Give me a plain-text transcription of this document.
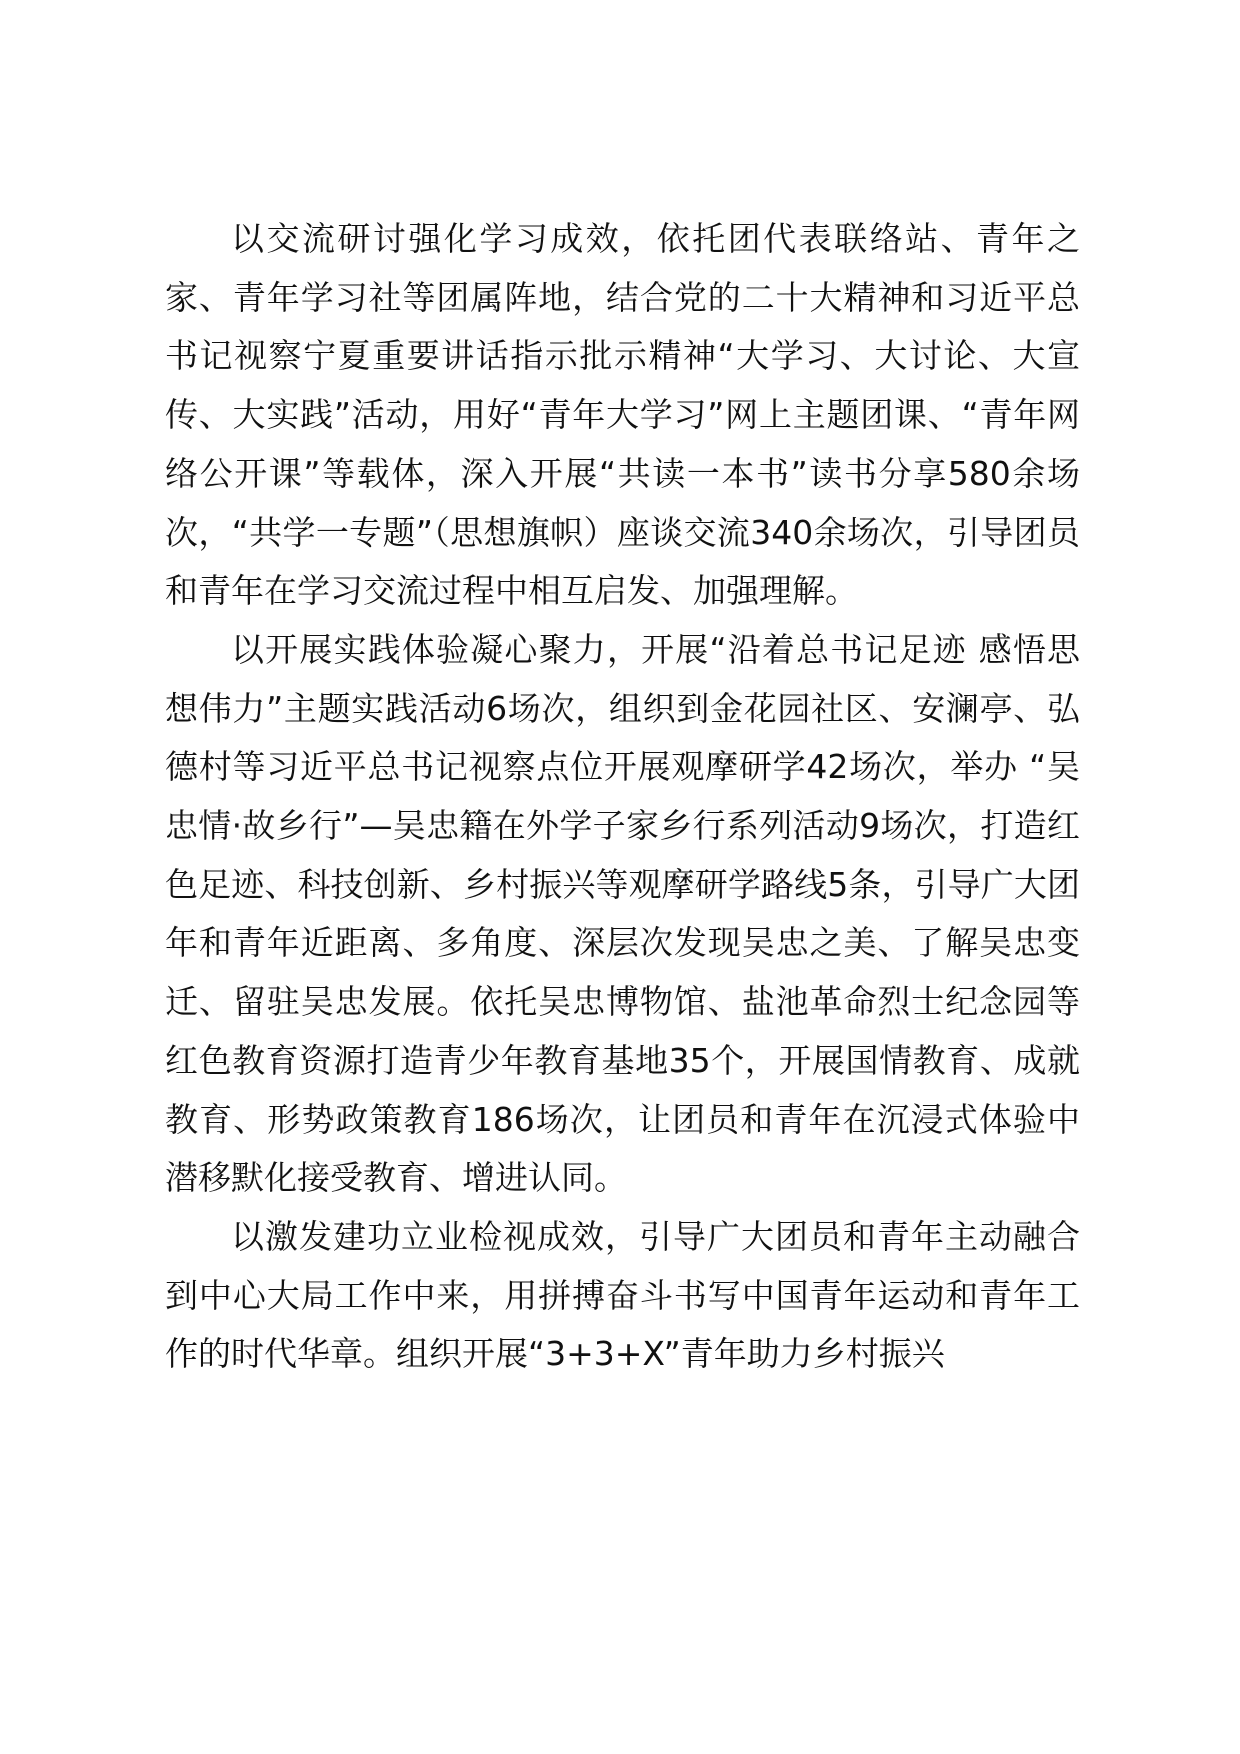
以交流研讨强化学习成效，依托团代表联络站、青年之家、青年学习社等团属阵地，结合党的二十大精神和习近平总书记视察宁夏重要讲话指示批示精神“大学习、大讨论、大宣传、大实践”活动，用好“青年大学习”网上主题团课、“青年网络公开课”等载体，深入开展“共读一本书”读书分享580余场次，“共学一专题”（思想旗帜）座谈交流340余场次，引导团员和青年在学习交流过程中相互启发、加强理解。

以开展实践体验凝心聚力，开展“沿着总书记足迹 感悟思想伟力”主题实践活动6场次，组织到金花园社区、安澜亭、弘德村等习近平总书记视察点位开展观摩研学42场次，举办 “吴忠情·故乡行”—吴忠籍在外学子家乡行系列活动9场次，打造红色足迹、科技创新、乡村振兴等观摩研学路线5条，引导广大团年和青年近距离、多角度、深层次发现吴忠之美、了解吴忠变迁、留驻吴忠发展。依托吴忠博物馆、盐池革命烈士纪念园等红色教育资源打造青少年教育基地35个，开展国情教育、成就教育、形势政策教育186场次，让团员和青年在沉浸式体验中潜移默化接受教育、增进认同。

以激发建功立业检视成效，引导广大团员和青年主动融合到中心大局工作中来，用拼搏奋斗书写中国青年运动和青年工作的时代华章。组织开展“3+3+X”青年助力乡村振兴
